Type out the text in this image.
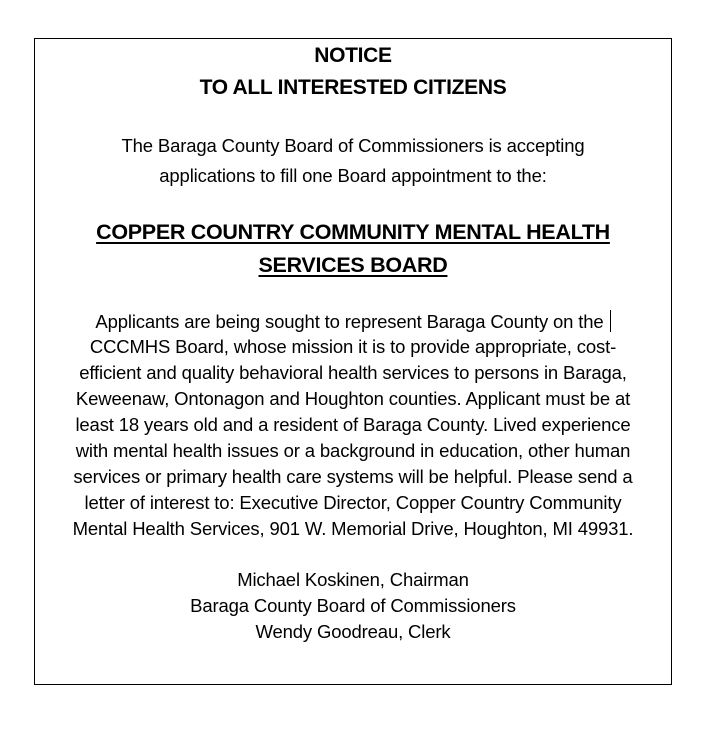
NOTICE
TO ALL INTERESTED CITIZENS
The Baraga County Board of Commissioners is accepting
applications to fill one Board appointment to the:
COPPER COUNTRY COMMUNITY MENTAL HEALTH
SERVICES BOARD
Applicants are being sought to represent Baraga County on the
CCCMHS Board, whose mission it is to provide appropriate, cost-
efficient and quality behavioral health services to persons in Baraga,
Keweenaw, Ontonagon and Houghton counties. Applicant must be at
least 18 years old and a resident of Baraga County. Lived experience
with mental health issues or a background in education, other human
services or primary health care systems will be helpful. Please send a
letter of interest to: Executive Director, Copper Country Community
Mental Health Services, 901 W. Memorial Drive, Houghton, MI 49931.
Michael Koskinen, Chairman
Baraga County Board of Commissioners
Wendy Goodreau, Clerk
